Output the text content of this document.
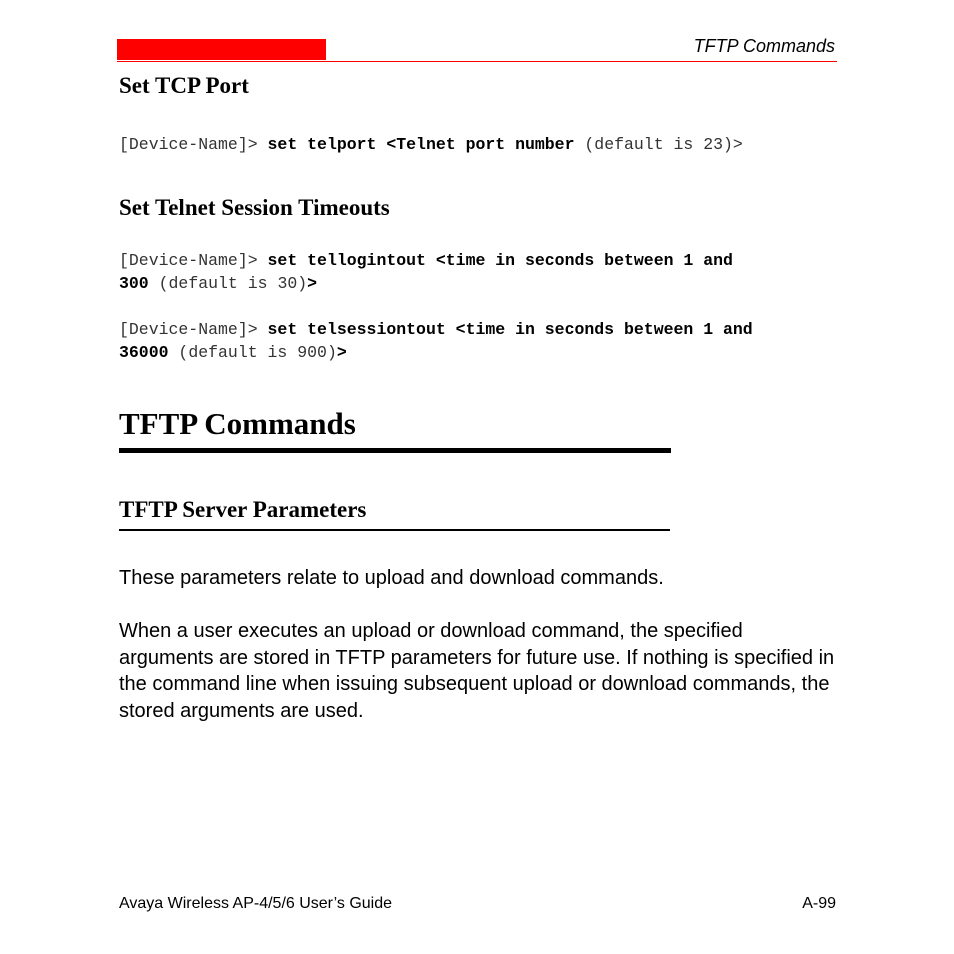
TFTP Commands
Set TCP Port
[Device-Name]> set telport <Telnet port number (default is 23)>
Set Telnet Session Timeouts
[Device-Name]> set tellogintout <time in seconds between 1 and
300 (default is 30)>
[Device-Name]> set telsessiontout <time in seconds between 1 and
36000 (default is 900)>
TFTP Commands
TFTP Server Parameters
These parameters relate to upload and download commands.
When a user executes an upload or download command, the specified arguments are stored in TFTP parameters for future use. If nothing is specified in the command line when issuing subsequent upload or download commands, the stored arguments are used.
Avaya Wireless AP-4/5/6 User’s Guide	A-99
